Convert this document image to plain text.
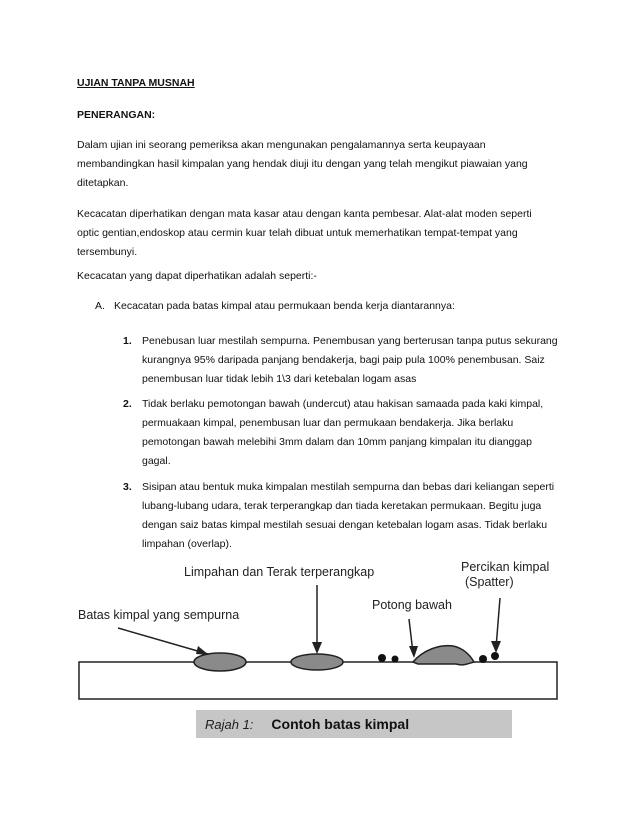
UJIAN TANPA MUSNAH

PENERANGAN:

Dalam ujian ini seorang pemeriksa akan mengunakan pengalamannya serta keupayaan

membandingkan hasil kimpalan yang hendak diuji itu dengan yang telah mengikut piawaian yang

ditetapkan.

Kecacatan diperhatikan dengan mata kasar atau dengan kanta pembesar. Alat-alat moden seperti

optic gentian,endoskop atau cermin kuar telah dibuat untuk memerhatikan tempat-tempat yang

tersembunyi.

Kecacatan yang dapat diperhatikan adalah seperti:-

A. Kecacatan pada batas kimpal atau permukaan benda kerja diantarannya:
1. Penebusan luar mestilah sempurna. Penembusan yang berterusan tanpa putus sekurang
kurangnya 95% daripada panjang bendakerja, bagi paip pula 100% penembusan. Saiz
penembusan luar tidak lebih 1\3 dari ketebalan logam asas
2. Tidak berlaku pemotongan bawah (undercut) atau hakisan samaada pada kaki kimpal,
permuakaan kimpal, penembusan luar dan permukaan bendakerja. Jika berlaku
pemotongan bawah melebihi 3mm dalam dan 10mm panjang kimpalan itu dianggap
gagal.
3. Sisipan atau bentuk muka kimpalan mestilah sempurna dan bebas dari keliangan seperti
lubang-lubang udara, terak terperangkap dan tiada keretakan permukaan. Begitu juga
dengan saiz batas kimpal mestilah sesuai dengan ketebalan logam asas. Tidak berlaku
limpahan (overlap).
Limpahan dan Terak terperangkap	Percikan kimpal
(Spatter)
Potong bawah
Batas kimpal yang sempurna
Rajah 1: Contoh batas kimpal
